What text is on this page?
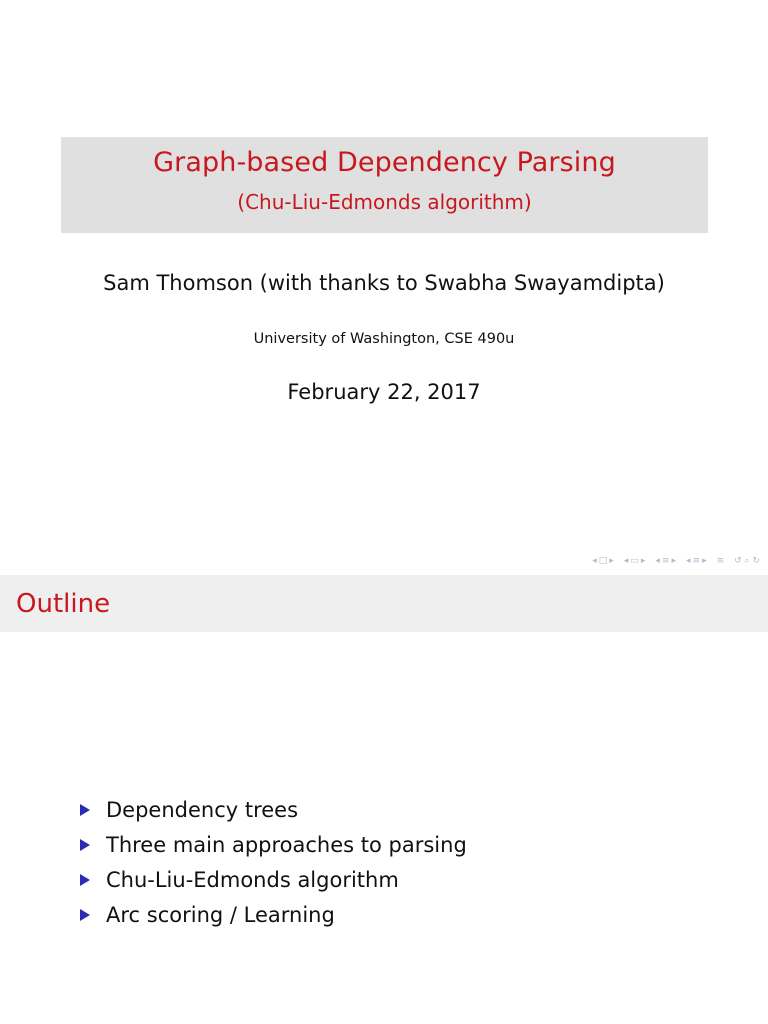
Graph-based Dependency Parsing
(Chu-Liu-Edmonds algorithm)
Sam Thomson (with thanks to Swabha Swayamdipta)
University of Washington, CSE 490u
February 22, 2017
◂ □ ▸ ◂ ▭ ▸ ◂ ≡ ▸ ◂ ≡ ▸ ≡ ↺ ⌕ ↻
Outline
Dependency trees
Three main approaches to parsing
Chu-Liu-Edmonds algorithm
Arc scoring / Learning
